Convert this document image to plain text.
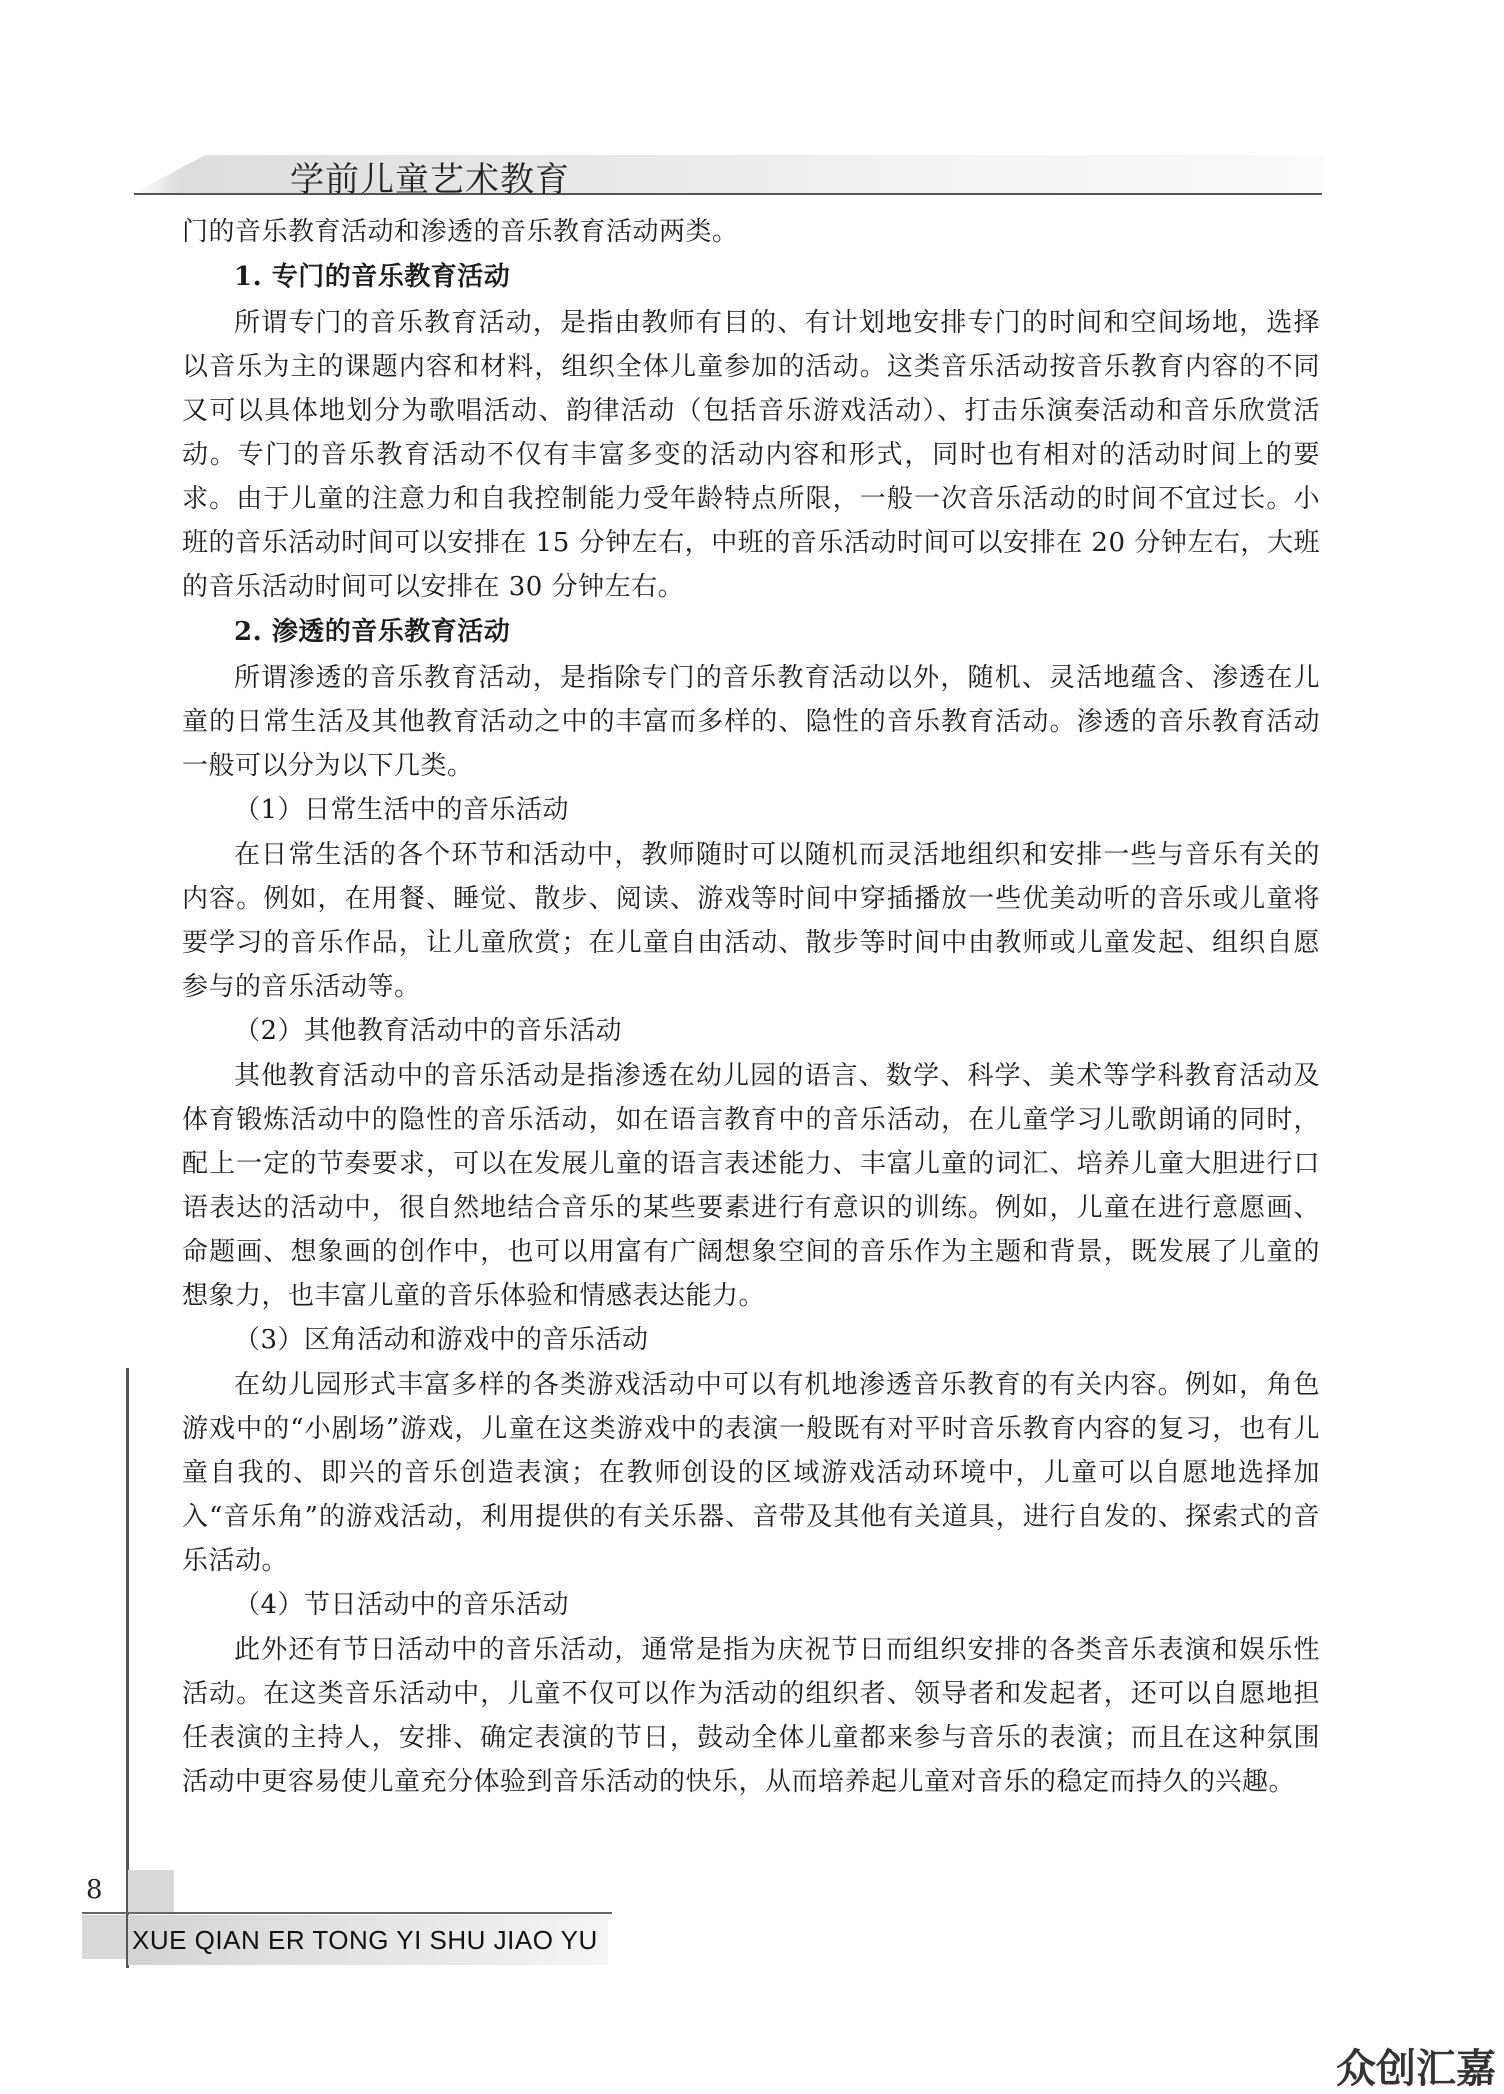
学前儿童艺术教育

门的音乐教育活动和渗透的音乐教育活动两类。

1. 专门的音乐教育活动

所谓专门的音乐教育活动，是指由教师有目的、有计划地安排专门的时间和空间场地，选择以音乐为主的课题内容和材料，组织全体儿童参加的活动。这类音乐活动按音乐教育内容的不同又可以具体地划分为歌唱活动、韵律活动（包括音乐游戏活动）、打击乐演奏活动和音乐欣赏活动。专门的音乐教育活动不仅有丰富多变的活动内容和形式，同时也有相对的活动时间上的要求。由于儿童的注意力和自我控制能力受年龄特点所限，一般一次音乐活动的时间不宜过长。小班的音乐活动时间可以安排在 15 分钟左右，中班的音乐活动时间可以安排在 20 分钟左右，大班的音乐活动时间可以安排在 30 分钟左右。

2. 渗透的音乐教育活动

所谓渗透的音乐教育活动，是指除专门的音乐教育活动以外，随机、灵活地蕴含、渗透在儿童的日常生活及其他教育活动之中的丰富而多样的、隐性的音乐教育活动。渗透的音乐教育活动一般可以分为以下几类。

（1）日常生活中的音乐活动

在日常生活的各个环节和活动中，教师随时可以随机而灵活地组织和安排一些与音乐有关的内容。例如，在用餐、睡觉、散步、阅读、游戏等时间中穿插播放一些优美动听的音乐或儿童将要学习的音乐作品，让儿童欣赏；在儿童自由活动、散步等时间中由教师或儿童发起、组织自愿参与的音乐活动等。

（2）其他教育活动中的音乐活动

其他教育活动中的音乐活动是指渗透在幼儿园的语言、数学、科学、美术等学科教育活动及体育锻炼活动中的隐性的音乐活动，如在语言教育中的音乐活动，在儿童学习儿歌朗诵的同时，配上一定的节奏要求，可以在发展儿童的语言表述能力、丰富儿童的词汇、培养儿童大胆进行口语表达的活动中，很自然地结合音乐的某些要素进行有意识的训练。例如，儿童在进行意愿画、命题画、想象画的创作中，也可以用富有广阔想象空间的音乐作为主题和背景，既发展了儿童的想象力，也丰富儿童的音乐体验和情感表达能力。

（3）区角活动和游戏中的音乐活动

在幼儿园形式丰富多样的各类游戏活动中可以有机地渗透音乐教育的有关内容。例如，角色游戏中的“小剧场”游戏，儿童在这类游戏中的表演一般既有对平时音乐教育内容的复习，也有儿童自我的、即兴的音乐创造表演；在教师创设的区域游戏活动环境中，儿童可以自愿地选择加入“音乐角”的游戏活动，利用提供的有关乐器、音带及其他有关道具，进行自发的、探索式的音乐活动。

（4）节日活动中的音乐活动

此外还有节日活动中的音乐活动，通常是指为庆祝节日而组织安排的各类音乐表演和娱乐性活动。在这类音乐活动中，儿童不仅可以作为活动的组织者、领导者和发起者，还可以自愿地担任表演的主持人，安排、确定表演的节日，鼓动全体儿童都来参与音乐的表演；而且在这种氛围活动中更容易使儿童充分体验到音乐活动的快乐，从而培养起儿童对音乐的稳定而持久的兴趣。

8
XUE QIAN ER TONG YI SHU JIAO YU
众创汇嘉
